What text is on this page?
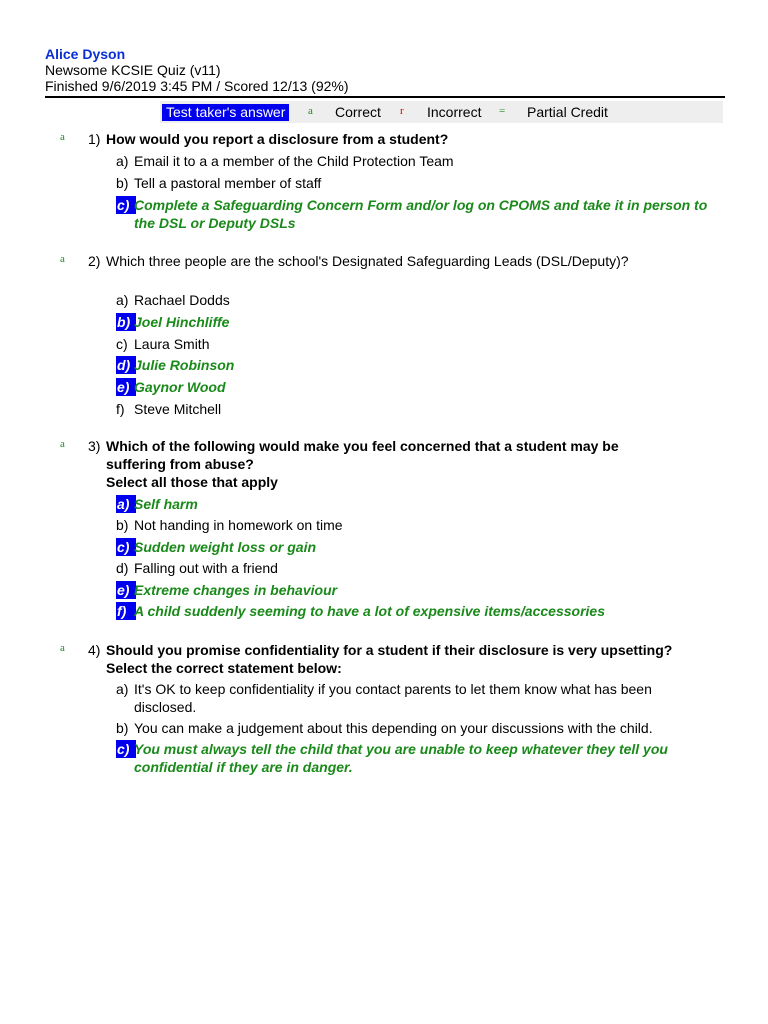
Alice Dyson
Newsome KCSIE Quiz (v11)
Finished 9/6/2019 3:45 PM / Scored 12/13 (92%)
Test taker's answer	a Correct r Incorrect = Partial Credit
a 1) How would you report a disclosure from a student?
a) Email it to a a member of the Child Protection Team
b) Tell a pastoral member of staff
c) Complete a Safeguarding Concern Form and/or log on CPOMS and take it in person to the DSL or Deputy DSLs
a 2) Which three people are the school's Designated Safeguarding Leads (DSL/Deputy)?
a) Rachael Dodds
b) Joel Hinchliffe
c) Laura Smith
d) Julie Robinson
e) Gaynor Wood
f) Steve Mitchell
a 3) Which of the following would make you feel concerned that a student may be
suffering from abuse?
Select all those that apply
a) Self harm
b) Not handing in homework on time
c) Sudden weight loss or gain
d) Falling out with a friend
e) Extreme changes in behaviour
f) A child suddenly seeming to have a lot of expensive items/accessories
a 4) Should you promise confidentiality for a student if their disclosure is very upsetting?
Select the correct statement below:
a) It's OK to keep confidentiality if you contact parents to let them know what has been disclosed.
b) You can make a judgement about this depending on your discussions with the child.
c) You must always tell the child that you are unable to keep whatever they tell you confidential if they are in danger.
